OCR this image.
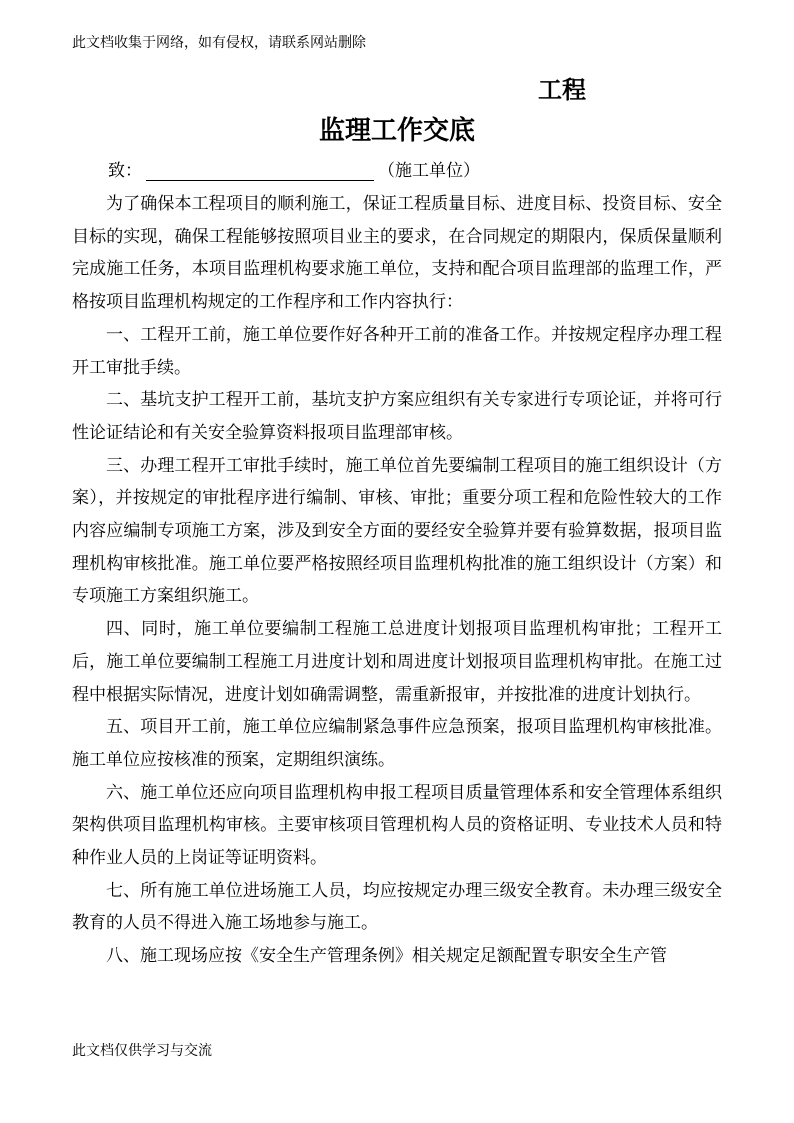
此文档收集于网络，如有侵权，请联系网站删除
工程
监理工作交底
致：	（施工单位）

为了确保本工程项目的顺利施工，保证工程质量目标、进度目标、投资目标、安全目标的实现，确保工程能够按照项目业主的要求，在合同规定的期限内，保质保量顺利完成施工任务，本项目监理机构要求施工单位，支持和配合项目监理部的监理工作，严格按项目监理机构规定的工作程序和工作内容执行：

一、工程开工前，施工单位要作好各种开工前的准备工作。并按规定程序办理工程开工审批手续。

二、基坑支护工程开工前，基坑支护方案应组织有关专家进行专项论证，并将可行性论证结论和有关安全验算资料报项目监理部审核。

三、办理工程开工审批手续时，施工单位首先要编制工程项目的施工组织设计（方案），并按规定的审批程序进行编制、审核、审批；重要分项工程和危险性较大的工作内容应编制专项施工方案，涉及到安全方面的要经安全验算并要有验算数据，报项目监理机构审核批准。施工单位要严格按照经项目监理机构批准的施工组织设计（方案）和专项施工方案组织施工。

四、同时，施工单位要编制工程施工总进度计划报项目监理机构审批；工程开工后，施工单位要编制工程施工月进度计划和周进度计划报项目监理机构审批。在施工过程中根据实际情况，进度计划如确需调整，需重新报审，并按批准的进度计划执行。

五、项目开工前，施工单位应编制紧急事件应急预案，报项目监理机构审核批准。施工单位应按核准的预案，定期组织演练。

六、施工单位还应向项目监理机构申报工程项目质量管理体系和安全管理体系组织架构供项目监理机构审核。主要审核项目管理机构人员的资格证明、专业技术人员和特种作业人员的上岗证等证明资料。

七、所有施工单位进场施工人员，均应按规定办理三级安全教育。未办理三级安全教育的人员不得进入施工场地参与施工。

八、施工现场应按《安全生产管理条例》相关规定足额配置专职安全生产管

此文档仅供学习与交流
